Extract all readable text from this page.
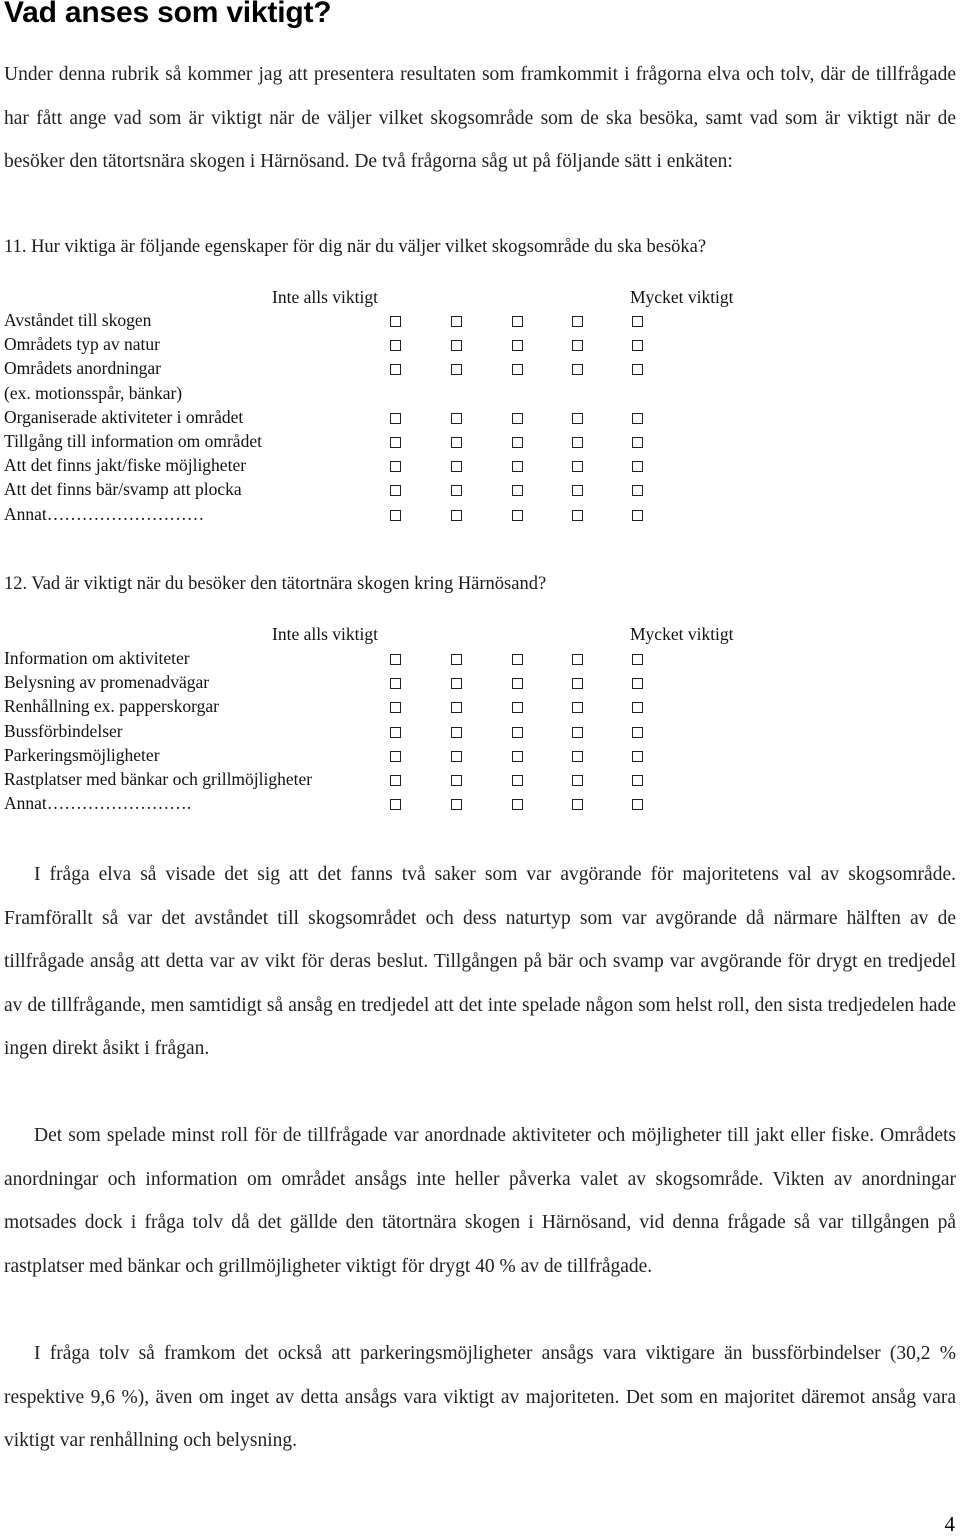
Vad anses som viktigt?

Under denna rubrik så kommer jag att presentera resultaten som framkommit i frågorna elva och tolv, där de tillfrågade har fått ange vad som är viktigt när de väljer vilket skogsområde som de ska besöka, samt vad som är viktigt när de besöker den tätortsnära skogen i Härnösand. De två frågorna såg ut på följande sätt i enkäten:

11. Hur viktiga är följande egenskaper för dig när du väljer vilket skogsområde du ska besöka?

Inte alls viktigt	Mycket viktigt
Avståndet till skogen
Områdets typ av natur
Områdets anordningar
(ex. motionsspår, bänkar)
Organiserade aktiviteter i området
Tillgång till information om området
Att det finns jakt/fiske möjligheter
Att det finns bär/svamp att plocka
Annat………………………

12. Vad är viktigt när du besöker den tätortnära skogen kring Härnösand?

Inte alls viktigt	Mycket viktigt
Information om aktiviteter
Belysning av promenadvägar
Renhållning ex. papperskorgar
Bussförbindelser
Parkeringsmöjligheter
Rastplatser med bänkar och grillmöjligheter
Annat…………………….

I fråga elva så visade det sig att det fanns två saker som var avgörande för majoritetens val av skogsområde. Framförallt så var det avståndet till skogsområdet och dess naturtyp som var avgörande då närmare hälften av de tillfrågade ansåg att detta var av vikt för deras beslut. Tillgången på bär och svamp var avgörande för drygt en tredjedel av de tillfrågande, men samtidigt så ansåg en tredjedel att det inte spelade någon som helst roll, den sista tredjedelen hade ingen direkt åsikt i frågan.

Det som spelade minst roll för de tillfrågade var anordnade aktiviteter och möjligheter till jakt eller fiske. Områdets anordningar och information om området ansågs inte heller påverka valet av skogsområde. Vikten av anordningar motsades dock i fråga tolv då det gällde den tätortnära skogen i Härnösand, vid denna frågade så var tillgången på rastplatser med bänkar och grillmöjligheter viktigt för drygt 40 % av de tillfrågade.

I fråga tolv så framkom det också att parkeringsmöjligheter ansågs vara viktigare än bussförbindelser (30,2 % respektive 9,6 %), även om inget av detta ansågs vara viktigt av majoriteten. Det som en majoritet däremot ansåg vara viktigt var renhållning och belysning.

4
